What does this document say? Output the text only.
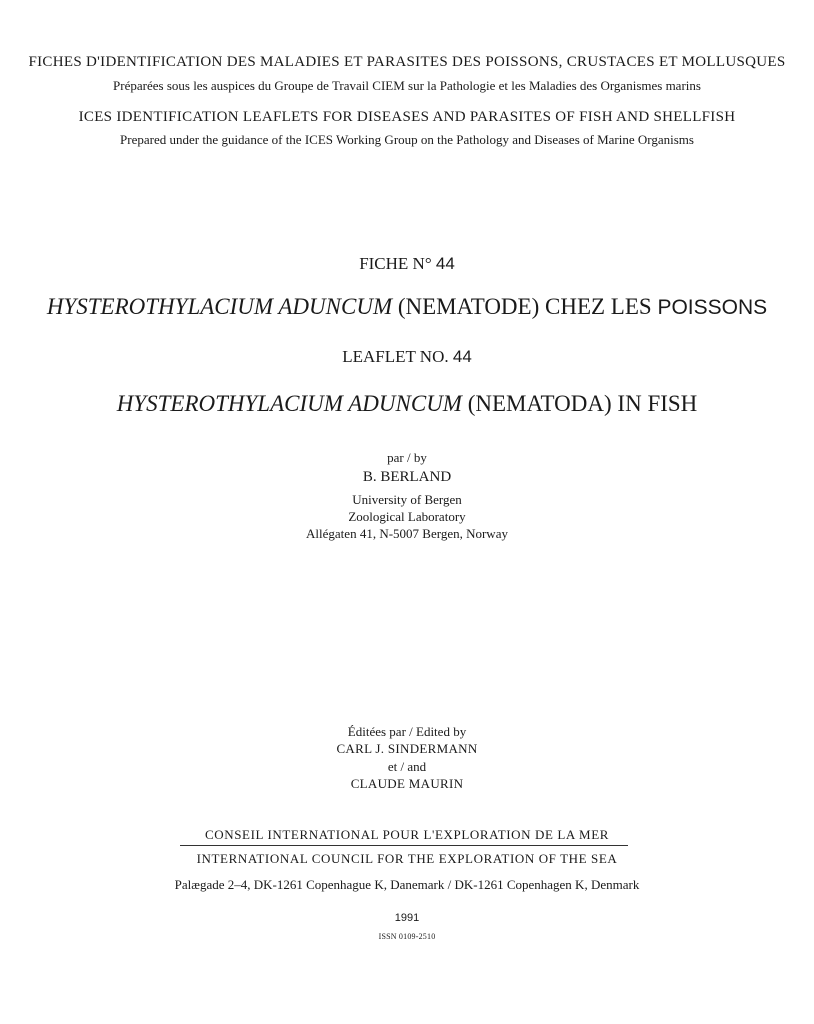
FICHES D'IDENTIFICATION DES MALADIES ET PARASITES DES POISSONS, CRUSTACES ET MOLLUSQUES
Préparées sous les auspices du Groupe de Travail CIEM sur la Pathologie et les Maladies des Organismes marins
ICES IDENTIFICATION LEAFLETS FOR DISEASES AND PARASITES OF FISH AND SHELLFISH
Prepared under the guidance of the ICES Working Group on the Pathology and Diseases of Marine Organisms
FICHE N° 44
HYSTEROTHYLACIUM ADUNCUM (NEMATODE) CHEZ LES POISSONS
LEAFLET NO. 44
HYSTEROTHYLACIUM ADUNCUM (NEMATODA) IN FISH
par / by
B. BERLAND
University of Bergen
Zoological Laboratory
Allégaten 41, N-5007 Bergen, Norway
Éditées par / Edited by
CARL J. SINDERMANN
et / and
CLAUDE MAURIN
CONSEIL INTERNATIONAL POUR L'EXPLORATION DE LA MER
INTERNATIONAL COUNCIL FOR THE EXPLORATION OF THE SEA
Palægade 2–4, DK-1261 Copenhague K, Danemark / DK-1261 Copenhagen K, Denmark
1991
ISSN 0109-2510
